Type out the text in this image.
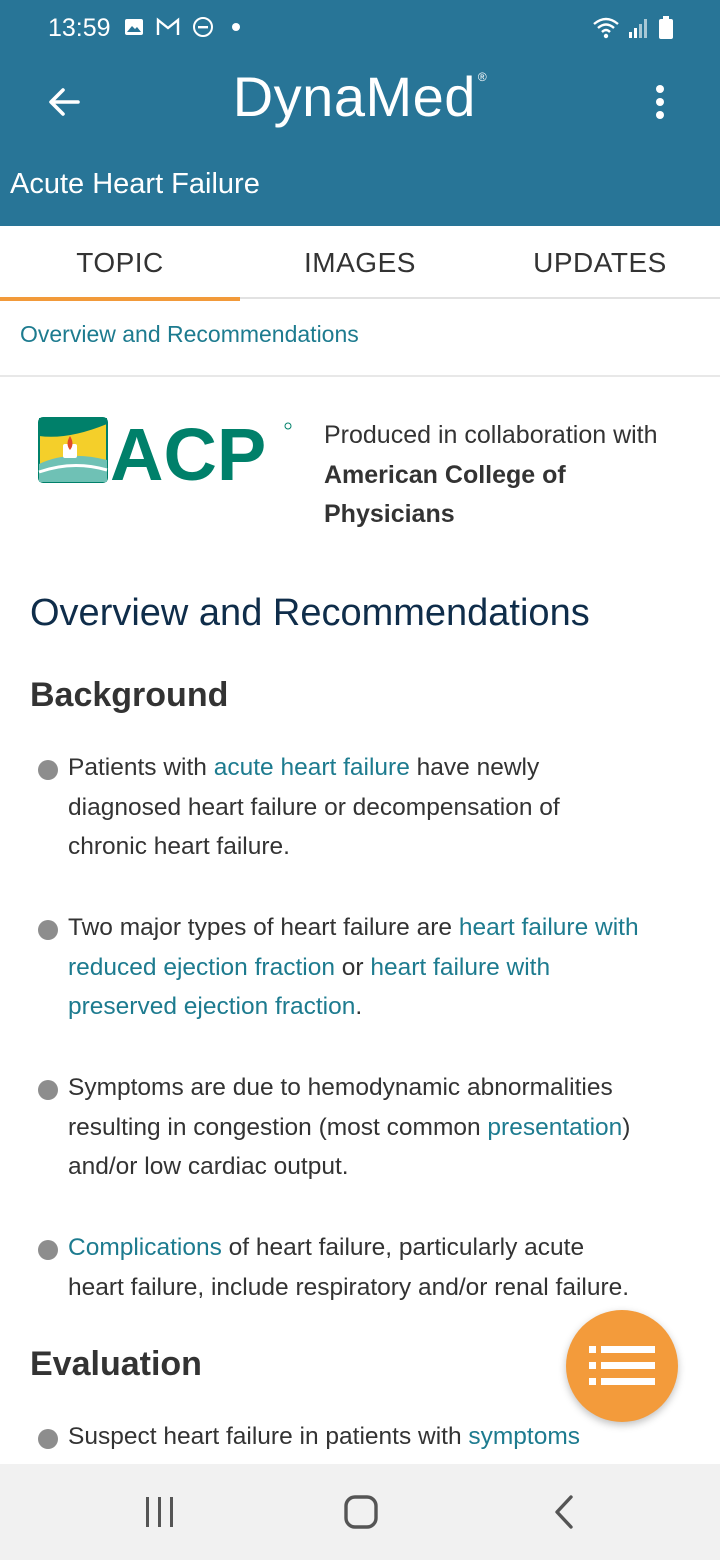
13:59
DynaMed ®
Acute Heart Failure
TOPIC	IMAGES	UPDATES
Overview and Recommendations
ACP Produced in collaboration with
American College of
Physicians
Overview and Recommendations
Background
Patients with acute heart failure have newly
diagnosed heart failure or decompensation of
chronic heart failure.
Two major types of heart failure are heart failure with
reduced ejection fraction or heart failure with
preserved ejection fraction.
Symptoms are due to hemodynamic abnormalities
resulting in congestion (most common presentation)
and/or low cardiac output.
Complications of heart failure, particularly acute
heart failure, include respiratory and/or renal failure.
Evaluation
Suspect heart failure in patients with symptoms
